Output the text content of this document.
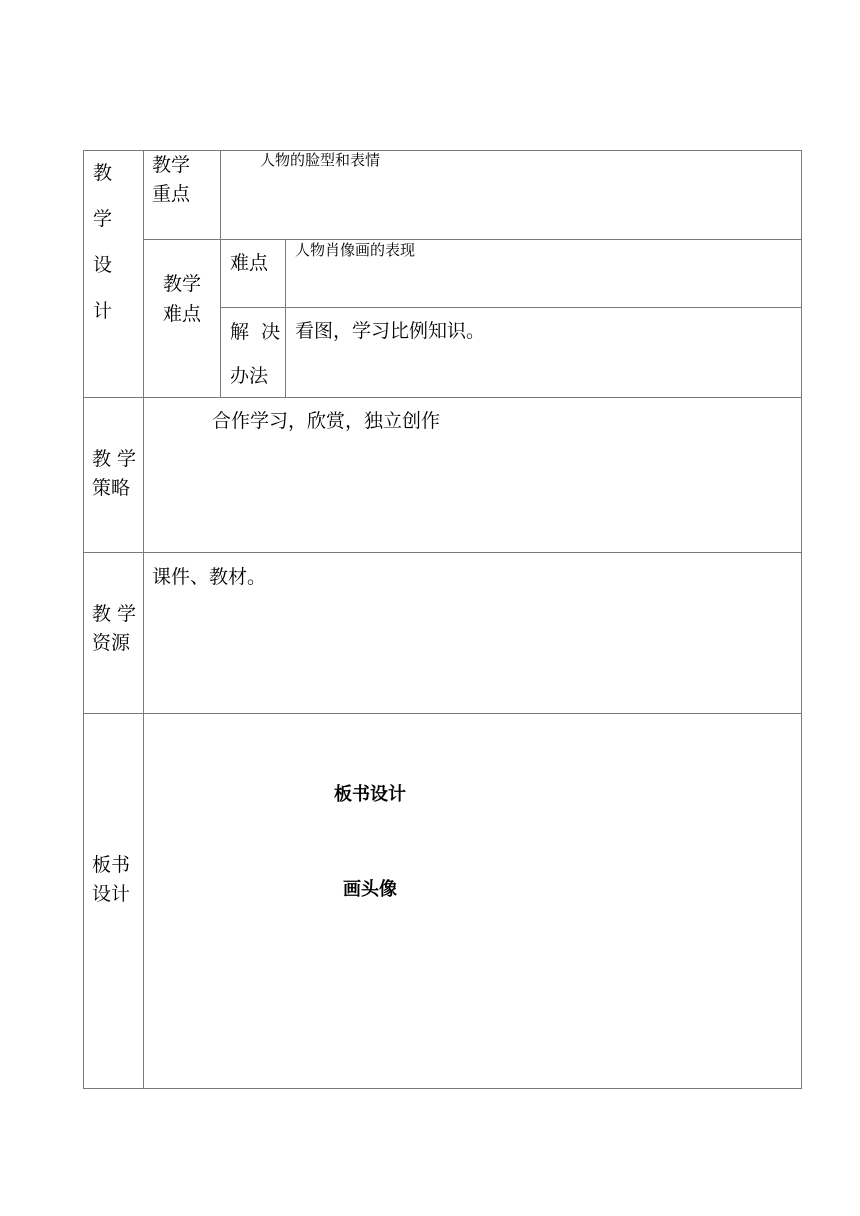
教
学
设
计
教学
重点
人物的脸型和表情
教学
难点
难点
人物肖像画的表现
解  决
办法
看图，学习比例知识。
教 学
策略
合作学习，欣赏，独立创作
教 学
资源
课件、教材。
板书
设计
板书设计
画头像
